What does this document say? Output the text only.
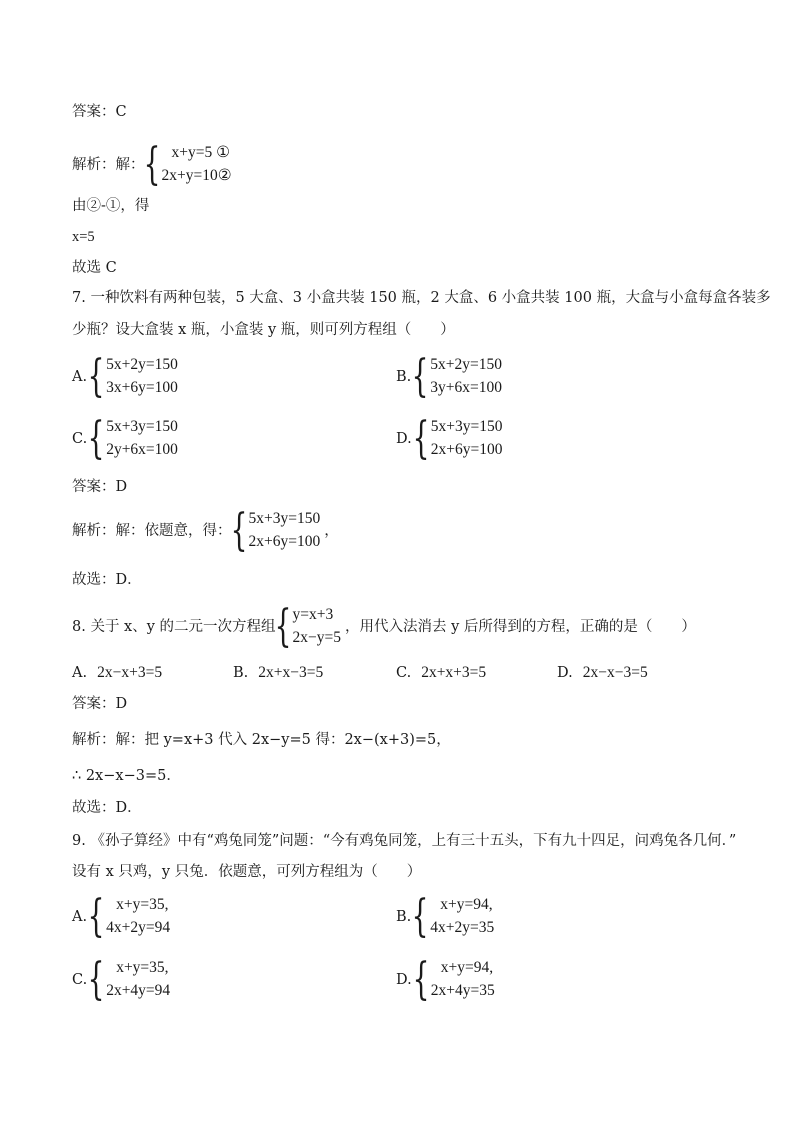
答案：C
解析：解：
{ x+y=5 ①
2x+y=10②
由②-①，得
x=5
故选 C
7. 一种饮料有两种包装，5 大盒、3 小盒共装 150 瓶，2 大盒、6 小盒共装 100 瓶，大盒与小盒每盒各装多
少瓶？设大盒装 x 瓶，小盒装 y 瓶，则可列方程组（　　）
A. { 5x+2y=150
3x+6y=100
B. { 5x+2y=150
3y+6x=100
C. { 5x+3y=150
2y+6x=100
D. { 5x+3y=150
2x+6y=100
答案：D
解析：解：依题意，得：
{ 5x+3y=150
2x+6y=100
，
故选：D．
8. 关于 x、y 的二元一次方程组
{ y=x+3
2x−y=5
，用代入法消去 y 后所得到的方程，正确的是（　　）
A. 2x−x+3=5	B. 2x+x−3=5	C. 2x+x+3=5	D. 2x−x−3=5
答案：D
解析：解：把 y=x+3 代入 2x−y=5 得：2x−(x+3)=5，
∴ 2x−x−3=5．
故选：D．
9. 《孙子算经》中有“鸡兔同笼”问题：“今有鸡兔同笼，上有三十五头，下有九十四足，问鸡兔各几何．”
设有 x 只鸡，y 只兔．依题意，可列方程组为（　　）
A. { x+y=35,
4x+2y=94
B. { x+y=94,
4x+2y=35
C. { x+y=35,
2x+4y=94
D. { x+y=94,
2x+4y=35
